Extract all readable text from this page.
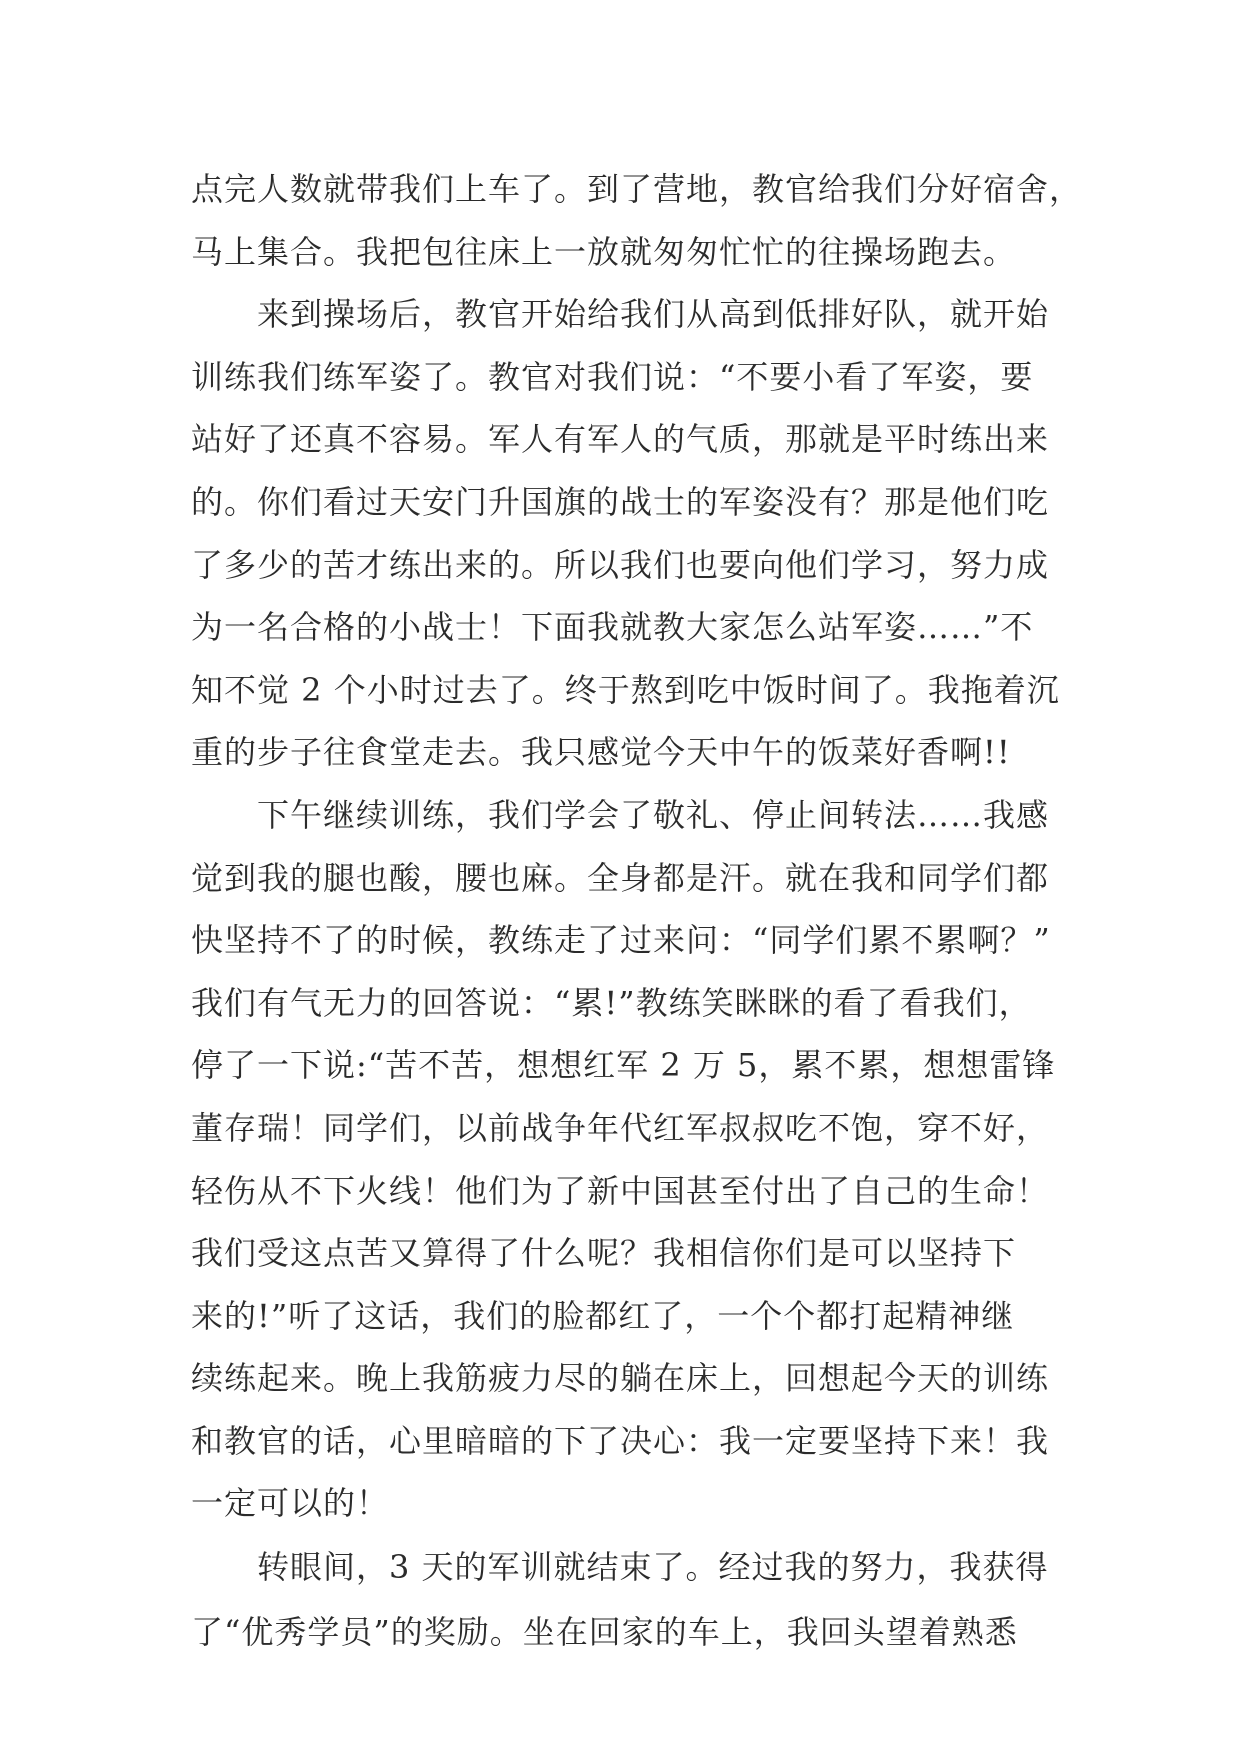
点完人数就带我们上车了。到了营地，教官给我们分好宿舍，
马上集合。我把包往床上一放就匆匆忙忙的往操场跑去。
　　来到操场后，教官开始给我们从高到低排好队，就开始
训练我们练军姿了。教官对我们说：“不要小看了军姿，要
站好了还真不容易。军人有军人的气质，那就是平时练出来
的。你们看过天安门升国旗的战士的军姿没有？那是他们吃
了多少的苦才练出来的。所以我们也要向他们学习，努力成
为一名合格的小战士！下面我就教大家怎么站军姿……”不
知不觉 2 个小时过去了。终于熬到吃中饭时间了。我拖着沉
重的步子往食堂走去。我只感觉今天中午的饭菜好香啊!!
　　下午继续训练，我们学会了敬礼、停止间转法……我感
觉到我的腿也酸，腰也麻。全身都是汗。就在我和同学们都
快坚持不了的时候，教练走了过来问：“同学们累不累啊？”
我们有气无力的回答说：“累!”教练笑眯眯的看了看我们，
停了一下说:“苦不苦，想想红军 2 万 5，累不累，想想雷锋
董存瑞！同学们，以前战争年代红军叔叔吃不饱，穿不好，
轻伤从不下火线！他们为了新中国甚至付出了自己的生命！
我们受这点苦又算得了什么呢？我相信你们是可以坚持下
来的!”听了这话，我们的脸都红了，一个个都打起精神继
续练起来。晚上我筋疲力尽的躺在床上，回想起今天的训练
和教官的话，心里暗暗的下了决心：我一定要坚持下来！我
一定可以的！
　　转眼间，3 天的军训就结束了。经过我的努力，我获得
了“优秀学员”的奖励。坐在回家的车上，我回头望着熟悉
